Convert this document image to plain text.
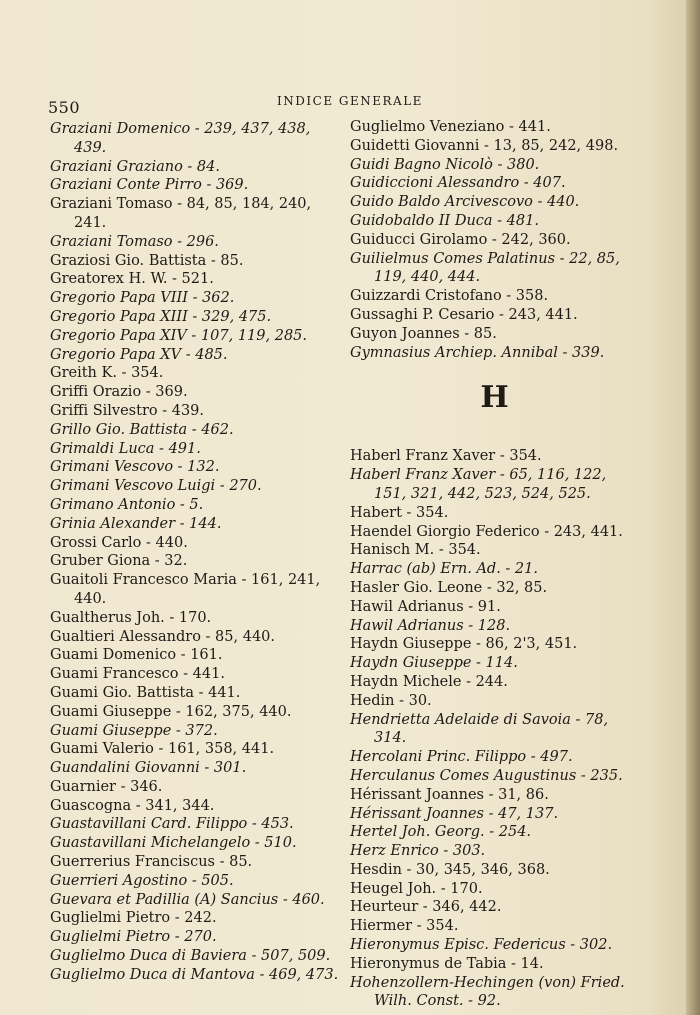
550	INDICE GENERALE
Graziani Domenico - 239, 437, 438, 439.
Graziani Graziano - 84.
Graziani Conte Pirro - 369.
Graziani Tomaso - 84, 85, 184, 240, 241.
Graziani Tomaso - 296.
Graziosi Gio. Battista - 85.
Greatorex H. W. - 521.
Gregorio Papa VIII - 362.
Gregorio Papa XIII - 329, 475.
Gregorio Papa XIV - 107, 119, 285.
Gregorio Papa XV - 485.
Greith K. - 354.
Griffi Orazio - 369.
Griffi Silvestro - 439.
Grillo Gio. Battista - 462.
Grimaldi Luca - 491.
Grimani Vescovo - 132.
Grimani Vescovo Luigi - 270.
Grimano Antonio - 5.
Grinia Alexander - 144.
Grossi Carlo - 440.
Gruber Giona - 32.
Guaitoli Francesco Maria - 161, 241, 440.
Gualtherus Joh. - 170.
Gualtieri Alessandro - 85, 440.
Guami Domenico - 161.
Guami Francesco - 441.
Guami Gio. Battista - 441.
Guami Giuseppe - 162, 375, 440.
Guami Giuseppe - 372.
Guami Valerio - 161, 358, 441.
Guandalini Giovanni - 301.
Guarnier - 346.
Guascogna - 341, 344.
Guastavillani Card. Filippo - 453.
Guastavillani Michelangelo - 510.
Guerrerius Franciscus - 85.
Guerrieri Agostino - 505.
Guevara et Padillia (A) Sancius - 460.
Guglielmi Pietro - 242.
Guglielmi Pietro - 270.
Guglielmo Duca di Baviera - 507, 509.
Guglielmo Duca di Mantova - 469, 473.
Guglielmo Veneziano - 441.
Guidetti Giovanni - 13, 85, 242, 498.
Guidi Bagno Nicolò - 380.
Guidiccioni Alessandro - 407.
Guido Baldo Arcivescovo - 440.
Guidobaldo II Duca - 481.
Guiducci Girolamo - 242, 360.
Guilielmus Comes Palatinus - 22, 85, 119, 440, 444.
Guizzardi Cristofano - 358.
Gussaghi P. Cesario - 243, 441.
Guyon Joannes - 85.
Gymnasius Archiep. Annibal - 339.
H
Haberl Franz Xaver - 354.
Haberl Franz Xaver - 65, 116, 122, 151, 321, 442, 523, 524, 525.
Habert - 354.
Haendel Giorgio Federico - 243, 441.
Hanisch M. - 354.
Harrac (ab) Ern. Ad. - 21.
Hasler Gio. Leone - 32, 85.
Hawil Adrianus - 91.
Hawil Adrianus - 128.
Haydn Giuseppe - 86, 2'3, 451.
Haydn Giuseppe - 114.
Haydn Michele - 244.
Hedin - 30.
Hendrietta Adelaide di Savoia - 78, 314.
Hercolani Princ. Filippo - 497.
Herculanus Comes Augustinus - 235.
Hérissant Joannes - 31, 86.
Hérissant Joannes - 47, 137.
Hertel Joh. Georg. - 254.
Herz Enrico - 303.
Hesdin - 30, 345, 346, 368.
Heugel Joh. - 170.
Heurteur - 346, 442.
Hiermer - 354.
Hieronymus Episc. Federicus - 302.
Hieronymus de Tabia - 14.
Hohenzollern-Hechingen (von) Fried. Wilh. Const. - 92.
